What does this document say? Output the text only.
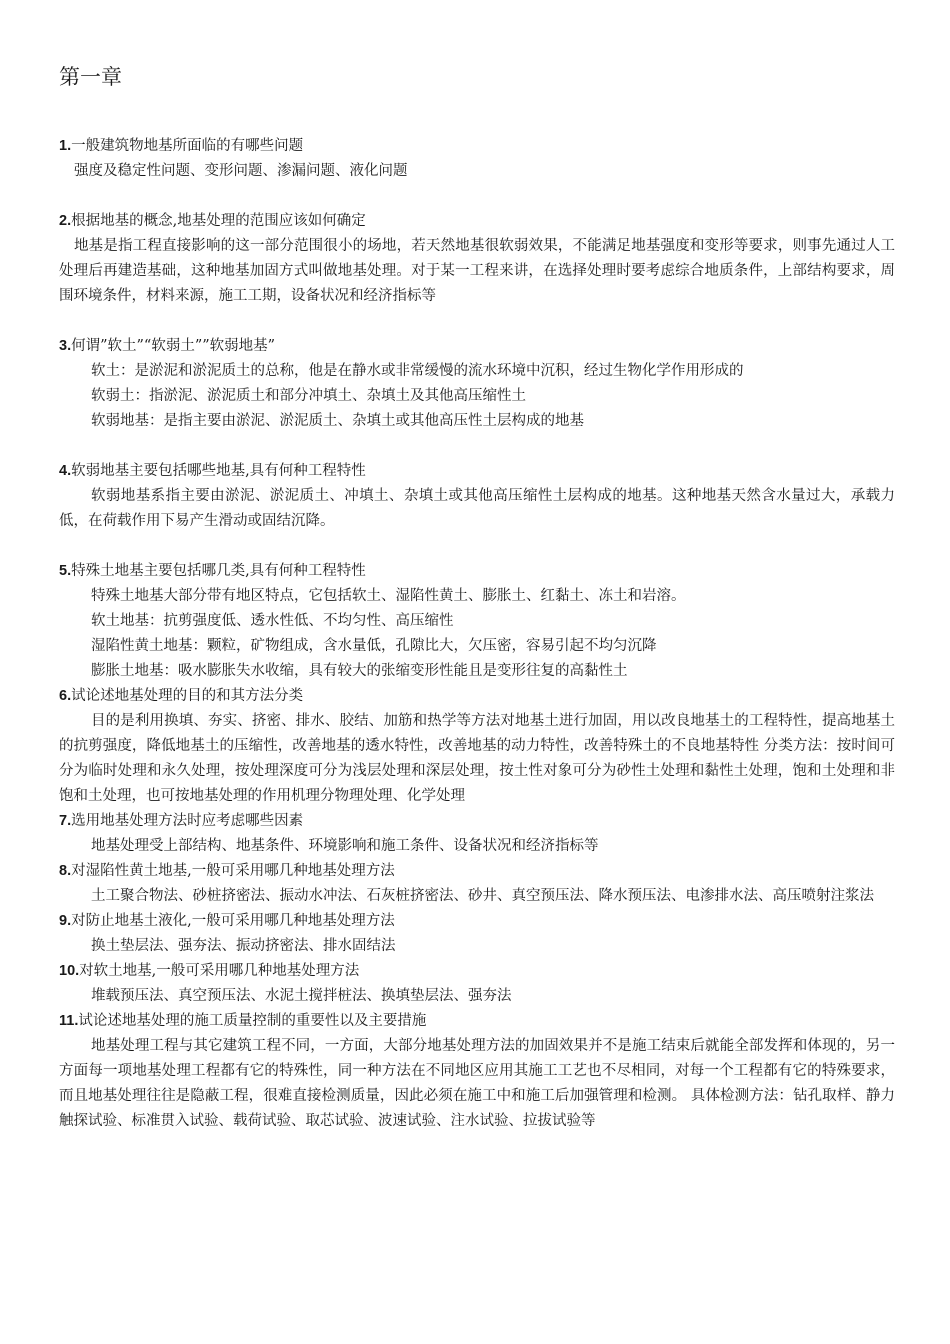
第一章
1.一般建筑物地基所面临的有哪些问题
强度及稳定性问题、变形问题、渗漏问题、液化问题
2.根据地基的概念,地基处理的范围应该如何确定
地基是指工程直接影响的这一部分范围很小的场地，若天然地基很软弱效果，不能满足地基强度和变形等要求，则事先通过人工处理后再建造基础，这种地基加固方式叫做地基处理。对于某一工程来讲，在选择处理时要考虑综合地质条件，上部结构要求，周围环境条件，材料来源，施工工期，设备状况和经济指标等
3.何谓”软土”“软弱土””软弱地基”
软土：是淤泥和淤泥质土的总称，他是在静水或非常缓慢的流水环境中沉积，经过生物化学作用形成的
软弱土：指淤泥、淤泥质土和部分冲填土、杂填土及其他高压缩性土
软弱地基：是指主要由淤泥、淤泥质土、杂填土或其他高压性土层构成的地基
4.软弱地基主要包括哪些地基,具有何种工程特性
软弱地基系指主要由淤泥、淤泥质土、冲填土、杂填土或其他高压缩性土层构成的地基。这种地基天然含水量过大，承载力低，在荷载作用下易产生滑动或固结沉降。
5.特殊土地基主要包括哪几类,具有何种工程特性
特殊土地基大部分带有地区特点，它包括软土、湿陷性黄土、膨胀土、红黏土、冻土和岩溶。
软土地基：抗剪强度低、透水性低、不均匀性、高压缩性
湿陷性黄土地基：颗粒，矿物组成，含水量低，孔隙比大，欠压密，容易引起不均匀沉降
膨胀土地基：吸水膨胀失水收缩，具有较大的张缩变形性能且是变形往复的高黏性土
6.试论述地基处理的目的和其方法分类
目的是利用换填、夯实、挤密、排水、胶结、加筋和热学等方法对地基土进行加固，用以改良地基土的工程特性，提高地基土的抗剪强度，降低地基土的压缩性，改善地基的透水特性，改善地基的动力特性，改善特殊土的不良地基特性 分类方法：按时间可分为临时处理和永久处理，按处理深度可分为浅层处理和深层处理，按土性对象可分为砂性土处理和黏性土处理，饱和土处理和非饱和土处理，也可按地基处理的作用机理分物理处理、化学处理
7.选用地基处理方法时应考虑哪些因素
地基处理受上部结构、地基条件、环境影响和施工条件、设备状况和经济指标等
8.对湿陷性黄土地基,一般可采用哪几种地基处理方法
土工聚合物法、砂桩挤密法、振动水冲法、石灰桩挤密法、砂井、真空预压法、降水预压法、电渗排水法、高压喷射注浆法
9.对防止地基土液化,一般可采用哪几种地基处理方法
换土垫层法、强夯法、振动挤密法、排水固结法
10.对软土地基,一般可采用哪几种地基处理方法
堆载预压法、真空预压法、水泥土搅拌桩法、换填垫层法、强夯法
11.试论述地基处理的施工质量控制的重要性以及主要措施
地基处理工程与其它建筑工程不同，一方面，大部分地基处理方法的加固效果并不是施工结束后就能全部发挥和体现的，另一方面每一项地基处理工程都有它的特殊性，同一种方法在不同地区应用其施工工艺也不尽相同，对每一个工程都有它的特殊要求，而且地基处理往往是隐蔽工程，很难直接检测质量，因此必须在施工中和施工后加强管理和检测。 具体检测方法：钻孔取样、静力触探试验、标准贯入试验、载荷试验、取芯试验、波速试验、注水试验、拉拔试验等
